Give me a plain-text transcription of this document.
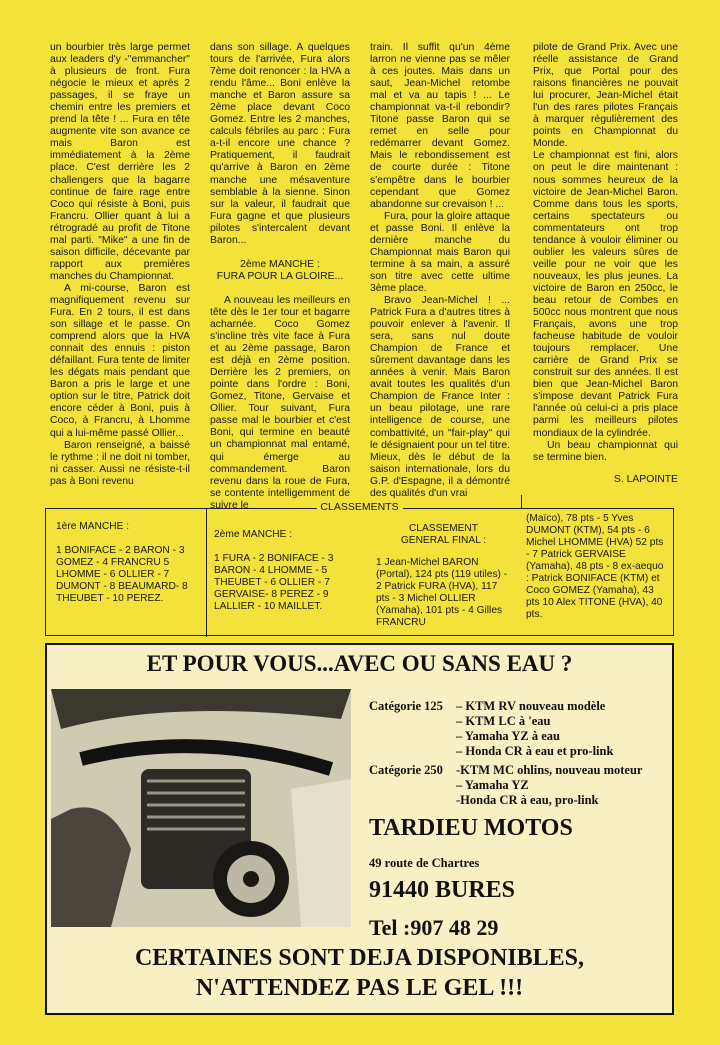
un bourbier très large permet aux leaders d'y -"emmancher" à plusieurs de front. Fura négocie le mieux et après 2 passages, il se fraye un chemin entre les premiers et prend la tête ! ... Fura en tête augmente vite son avance ce mais Baron est immédiatement à la 2ème place. C'est derrière les 2 challengers que la bagarre continue de faire rage entre Coco qui résiste à Boni, puis Francru. Ollier quant à lui a rétrogradé au profit de Titone mal parti. "Mike" a une fin de saison difficile, décevante par rapport aux premières manches du Championnat.

A mi-course, Baron est magnifiquement revenu sur Fura. En 2 tours, il est dans son sillage et le passe. On comprend alors que la HVA connait des ennuis : piston défaillant. Fura tente de limiter les dégats mais pendant que Baron a pris le large et une option sur le titre, Patrick doit encore céder à Boni, puis à Coco, à Francru, à Lhomme qui a lui-même passé Ollier...

Baron renseigné, a baissé le rythme : il ne doit ni tomber, ni casser. Aussi ne résiste-t-il pas à Boni revenu

dans son sillage. A quelques tours de l'arrivée, Fura alors 7ème doit renoncer : la HVA a rendu l'âme... Boni enlève la manche et Baron assure sa 2ème place devant Coco Gomez. Entre les 2 manches, calculs fébriles au parc : Fura a-t-il encore une chance ? Pratiquement, il faudrait qu'arrive à Baron en 2ème manche une mésaventure semblable à la sienne. Sinon sur la valeur, il faudrait que Fura gagne et que plusieurs pilotes s'intercalent devant Baron...

2ème MANCHE :
FURA POUR LA GLOIRE...

A nouveau les meilleurs en tête dès le 1er tour et bagarre acharnée. Coco Gomez s'incline très vite face à Fura et au 2ème passage, Baron est déjà en 2ème position. Derrière les 2 premiers, on pointe dans l'ordre : Boni, Gomez, Titone, Gervaise et Ollier. Tour suivant, Fura passe mal le bourbier et c'est Boni, qui termine en beauté un championnat mal entamé, qui émerge au commandement. Baron revenu dans la roue de Fura, se contente intelligemment de suivre le

train. Il suffit qu'un 4ème larron ne vienne pas se mêler à ces joutes. Mais dans un saut, Jean-Michel retombe mal et va au tapis ! ... Le championnat va-t-il rebondir? Titone passe Baron qui se remet en selle pour redémarrer devant Gomez. Mais le rebondissement est de courte durée : Titone s'empêtre dans le bourbier cependant que Gomez abandonne sur crevaison ! ...

Fura, pour la gloire attaque et passe Boni. Il enlève la dernière manche du Championnat mais Baron qui termine à sa main, a assuré son titre avec cette ultime 3ème place.

Bravo Jean-Michel ! ... Patrick Fura a d'autres titres à pouvoir enlever à l'avenir. Il sera, sans nul doute Champion de France et sûrement davantage dans les années à venir. Mais Baron avait toutes les qualités d'un Champion de France Inter : un beau pilotage, une rare intelligence de course, une combattivité, un "fair-play" qui le désignaient pour un tel titre. Mieux, dès le début de la saison internationale, lors du G.P. d'Espagne, il a démontré des qualités d'un vrai

pilote de Grand Prix. Avec une réelle assistance de Grand Prix, que Portal pour des raisons financières ne pouvait lui procurer, Jean-Michel était l'un des rares pilotes Français à marquer régulièrement des points en Championnat du Monde.

Le championnat est fini, alors on peut le dire maintenant : nous sommes heureux de la victoire de Jean-Michel Baron. Comme dans tous les sports, certains spectateurs ou commentateurs ont trop tendance à vouloir éliminer ou oublier les valeurs sûres de veille pour ne voir que les nouveaux, les plus jeunes. La victoire de Baron en 250cc, le beau retour de Combes en 500cc nous montrent que nous Français, avons une trop facheuse habitude de vouloir toujours remplacer. Une carrière de Grand Prix se construit sur des années. Il est bien que Jean-Michel Baron s'impose devant Patrick Fura l'année où celui-ci a pris place parmi les meilleurs pilotes mondiaux de la cylindrée.

Un beau championnat qui se termine bien.

S. LAPOINTE
CLASSEMENTS
1ère MANCHE :
1 BONIFACE - 2 BARON - 3 GOMEZ - 4 FRANCRU 5 LHOMME - 6 OLLIER - 7 DUMONT - 8 BEAUMARD- 8 THEUBET - 10 PEREZ.
2ème MANCHE :
1 FURA - 2 BONIFACE - 3 BARON - 4 LHOMME - 5 THEUBET - 6 OLLIER - 7 GERVAISE- 8 PEREZ - 9 LALLIER - 10 MAILLET.
CLASSEMENT
GENERAL FINAL :
1 Jean-Michel BARON (Portal), 124 pts (119 utiles) - 2 Patrick FURA (HVA), 117 pts - 3 Michel OLLIER (Yamaha), 101 pts - 4 Gilles FRANCRU
(Maïco), 78 pts - 5 Yves DUMONT (KTM), 54 pts - 6 Michel LHOMME (HVA) 52 pts - 7 Patrick GERVAISE (Yamaha), 48 pts - 8 ex-aequo : Patrick BONIFACE (KTM) et Coco GOMEZ (Yamaha), 43 pts 10 Alex TITONE (HVA), 40 pts.
ET POUR VOUS...AVEC OU SANS EAU ?
Catégorie 125 – KTM RV nouveau modèle
– KTM LC à 'eau
– Yamaha YZ à eau
– Honda CR à eau et pro-link
Catégorie 250 -KTM MC ohlins, nouveau moteur
– Yamaha YZ
-Honda CR à eau, pro-link
TARDIEU MOTOS
49 route de Chartres
91440 BURES
Tel :907 48 29
CERTAINES SONT DEJA DISPONIBLES,
N'ATTENDEZ PAS LE GEL !!!
